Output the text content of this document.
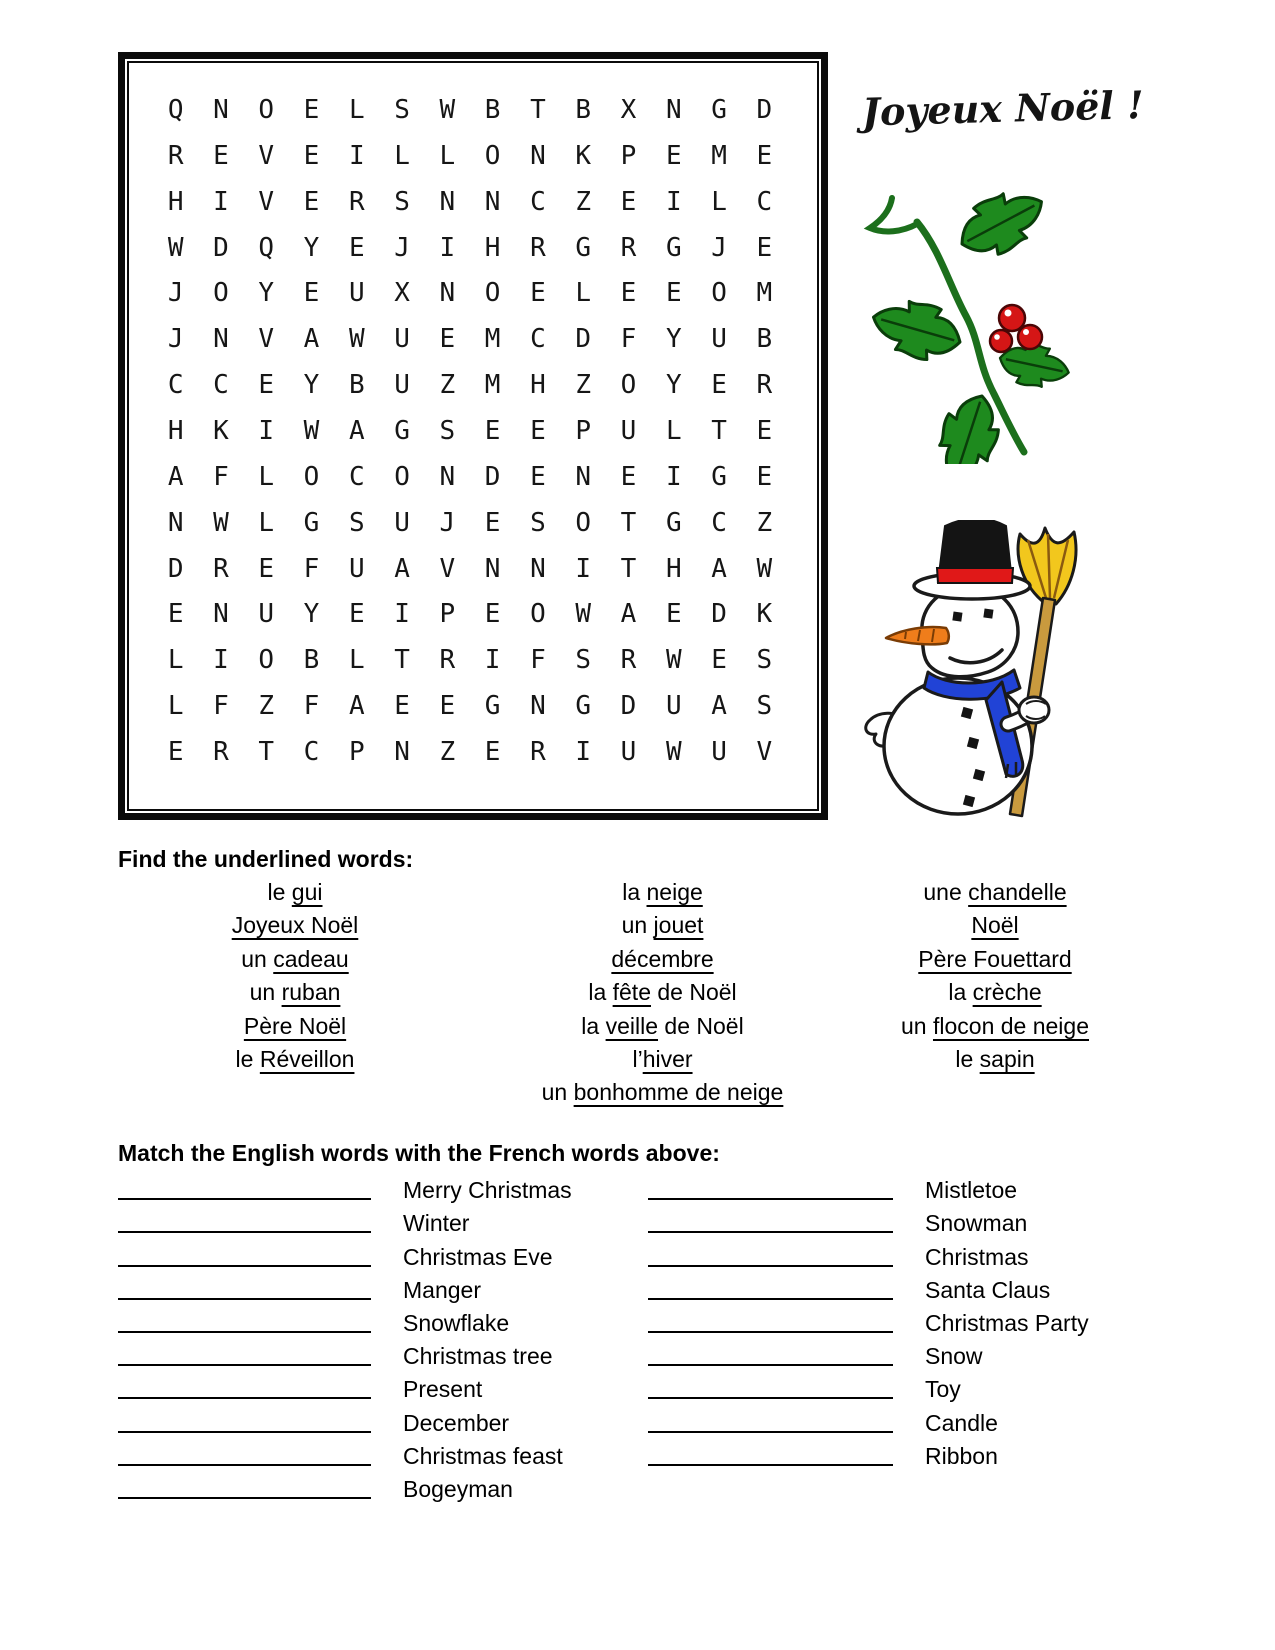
Q	N	O	E	L	S	W	B	T	B	X	N	G	D
R	E	V	E	I	L	L	O	N	K	P	E	M	E
H	I	V	E	R	S	N	N	C	Z	E	I	L	C
W	D	Q	Y	E	J	I	H	R	G	R	G	J	E
J	O	Y	E	U	X	N	O	E	L	E	E	O	M
J	N	V	A	W	U	E	M	C	D	F	Y	U	B
C	C	E	Y	B	U	Z	M	H	Z	O	Y	E	R
H	K	I	W	A	G	S	E	E	P	U	L	T	E
A	F	L	O	C	O	N	D	E	N	E	I	G	E
N	W	L	G	S	U	J	E	S	O	T	G	C	Z
D	R	E	F	U	A	V	N	N	I	T	H	A	W
E	N	U	Y	E	I	P	E	O	W	A	E	D	K
L	I	O	B	L	T	R	I	F	S	R	W	E	S
L	F	Z	F	A	E	E	G	N	G	D	U	A	S
E	R	T	C	P	N	Z	E	R	I	U	W	U	V
Joyeux Noël !
Find the underlined words:
le gui
Joyeux Noël
un cadeau
un ruban
Père Noël
le Réveillon
la neige
un jouet
décembre
la fête de Noël
la veille de Noël
l’hiver
un bonhomme de neige
une chandelle
Noël
Père Fouettard
la crèche
un flocon de neige
le sapin
Match the English words with the French words above:
Merry Christmas
Winter
Christmas Eve
Manger
Snowflake
Christmas tree
Present
December
Christmas feast
Bogeyman
Mistletoe
Snowman
Christmas
Santa Claus
Christmas Party
Snow
Toy
Candle
Ribbon
